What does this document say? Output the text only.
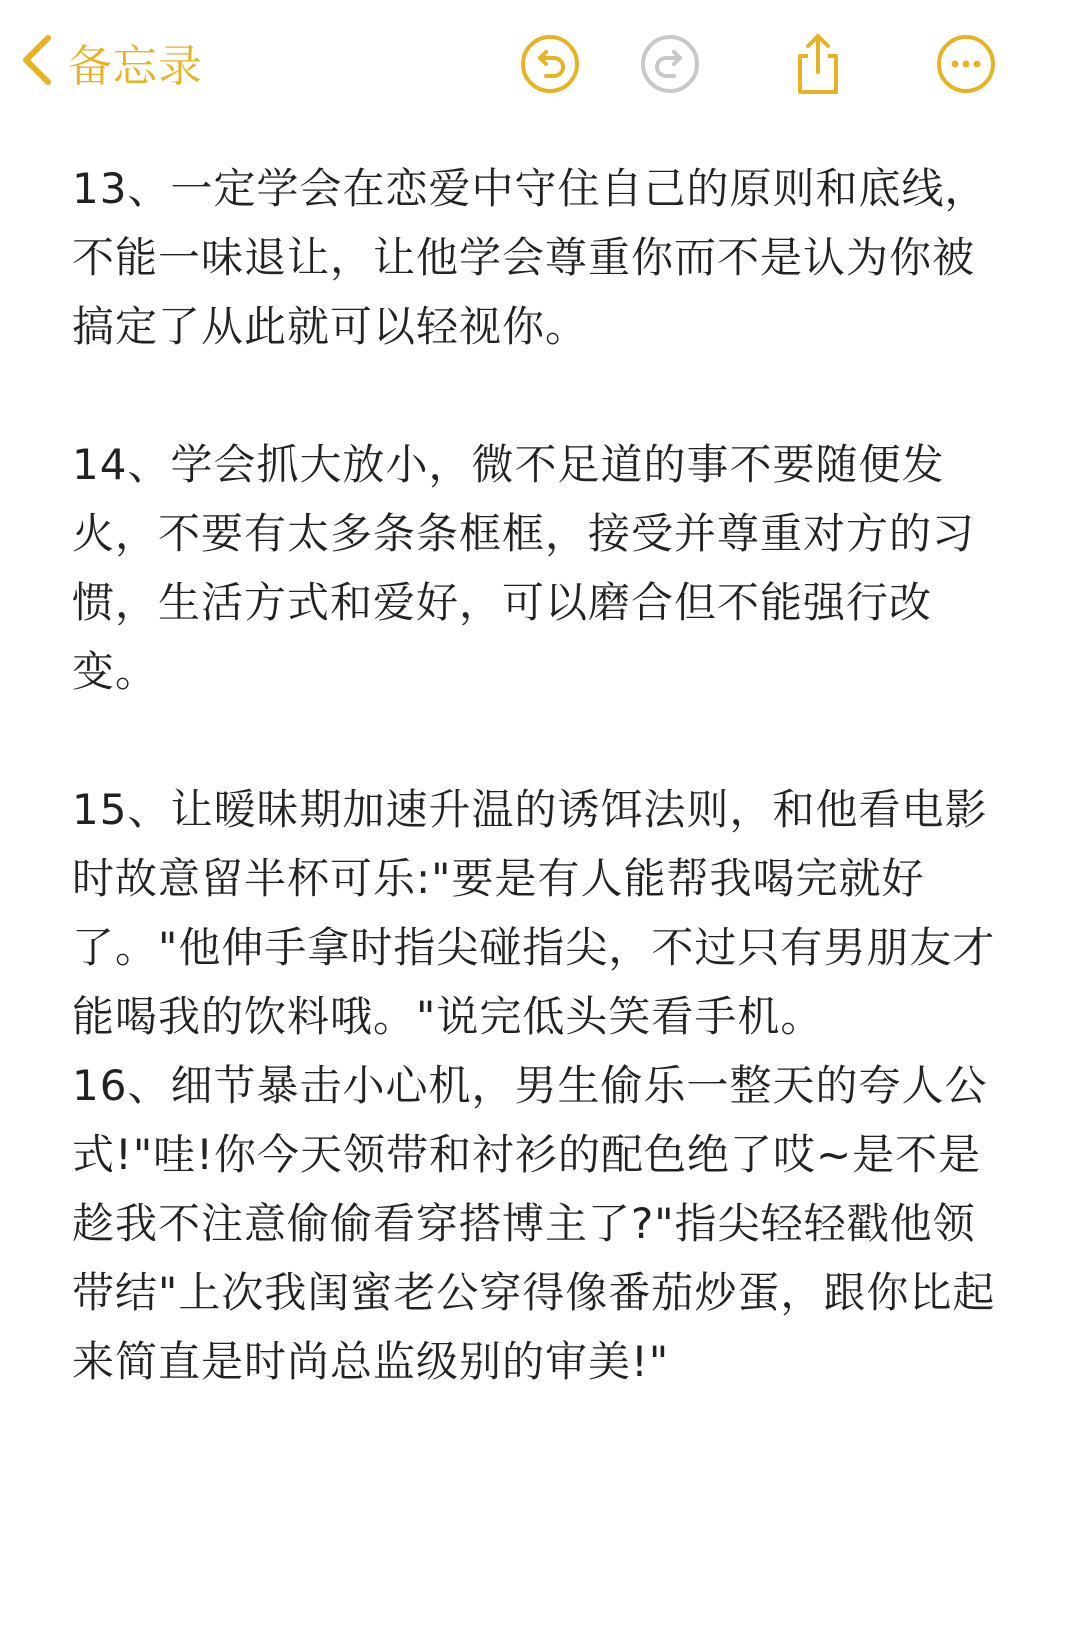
备忘录

13、一定学会在恋爱中守住自己的原则和底线，不能一味退让，让他学会尊重你而不是认为你被搞定了从此就可以轻视你。

14、学会抓大放小，微不足道的事不要随便发火，不要有太多条条框框，接受并尊重对方的习惯，生活方式和爱好，可以磨合但不能强行改变。

15、让暧昧期加速升温的诱饵法则，和他看电影时故意留半杯可乐:"要是有人能帮我喝完就好了。"他伸手拿时指尖碰指尖，不过只有男朋友才能喝我的饮料哦。"说完低头笑看手机。

16、细节暴击小心机，男生偷乐一整天的夸人公式!"哇!你今天领带和衬衫的配色绝了哎~是不是趁我不注意偷偷看穿搭博主了?"指尖轻轻戳他领带结"上次我闺蜜老公穿得像番茄炒蛋，跟你比起来简直是时尚总监级别的审美!"
